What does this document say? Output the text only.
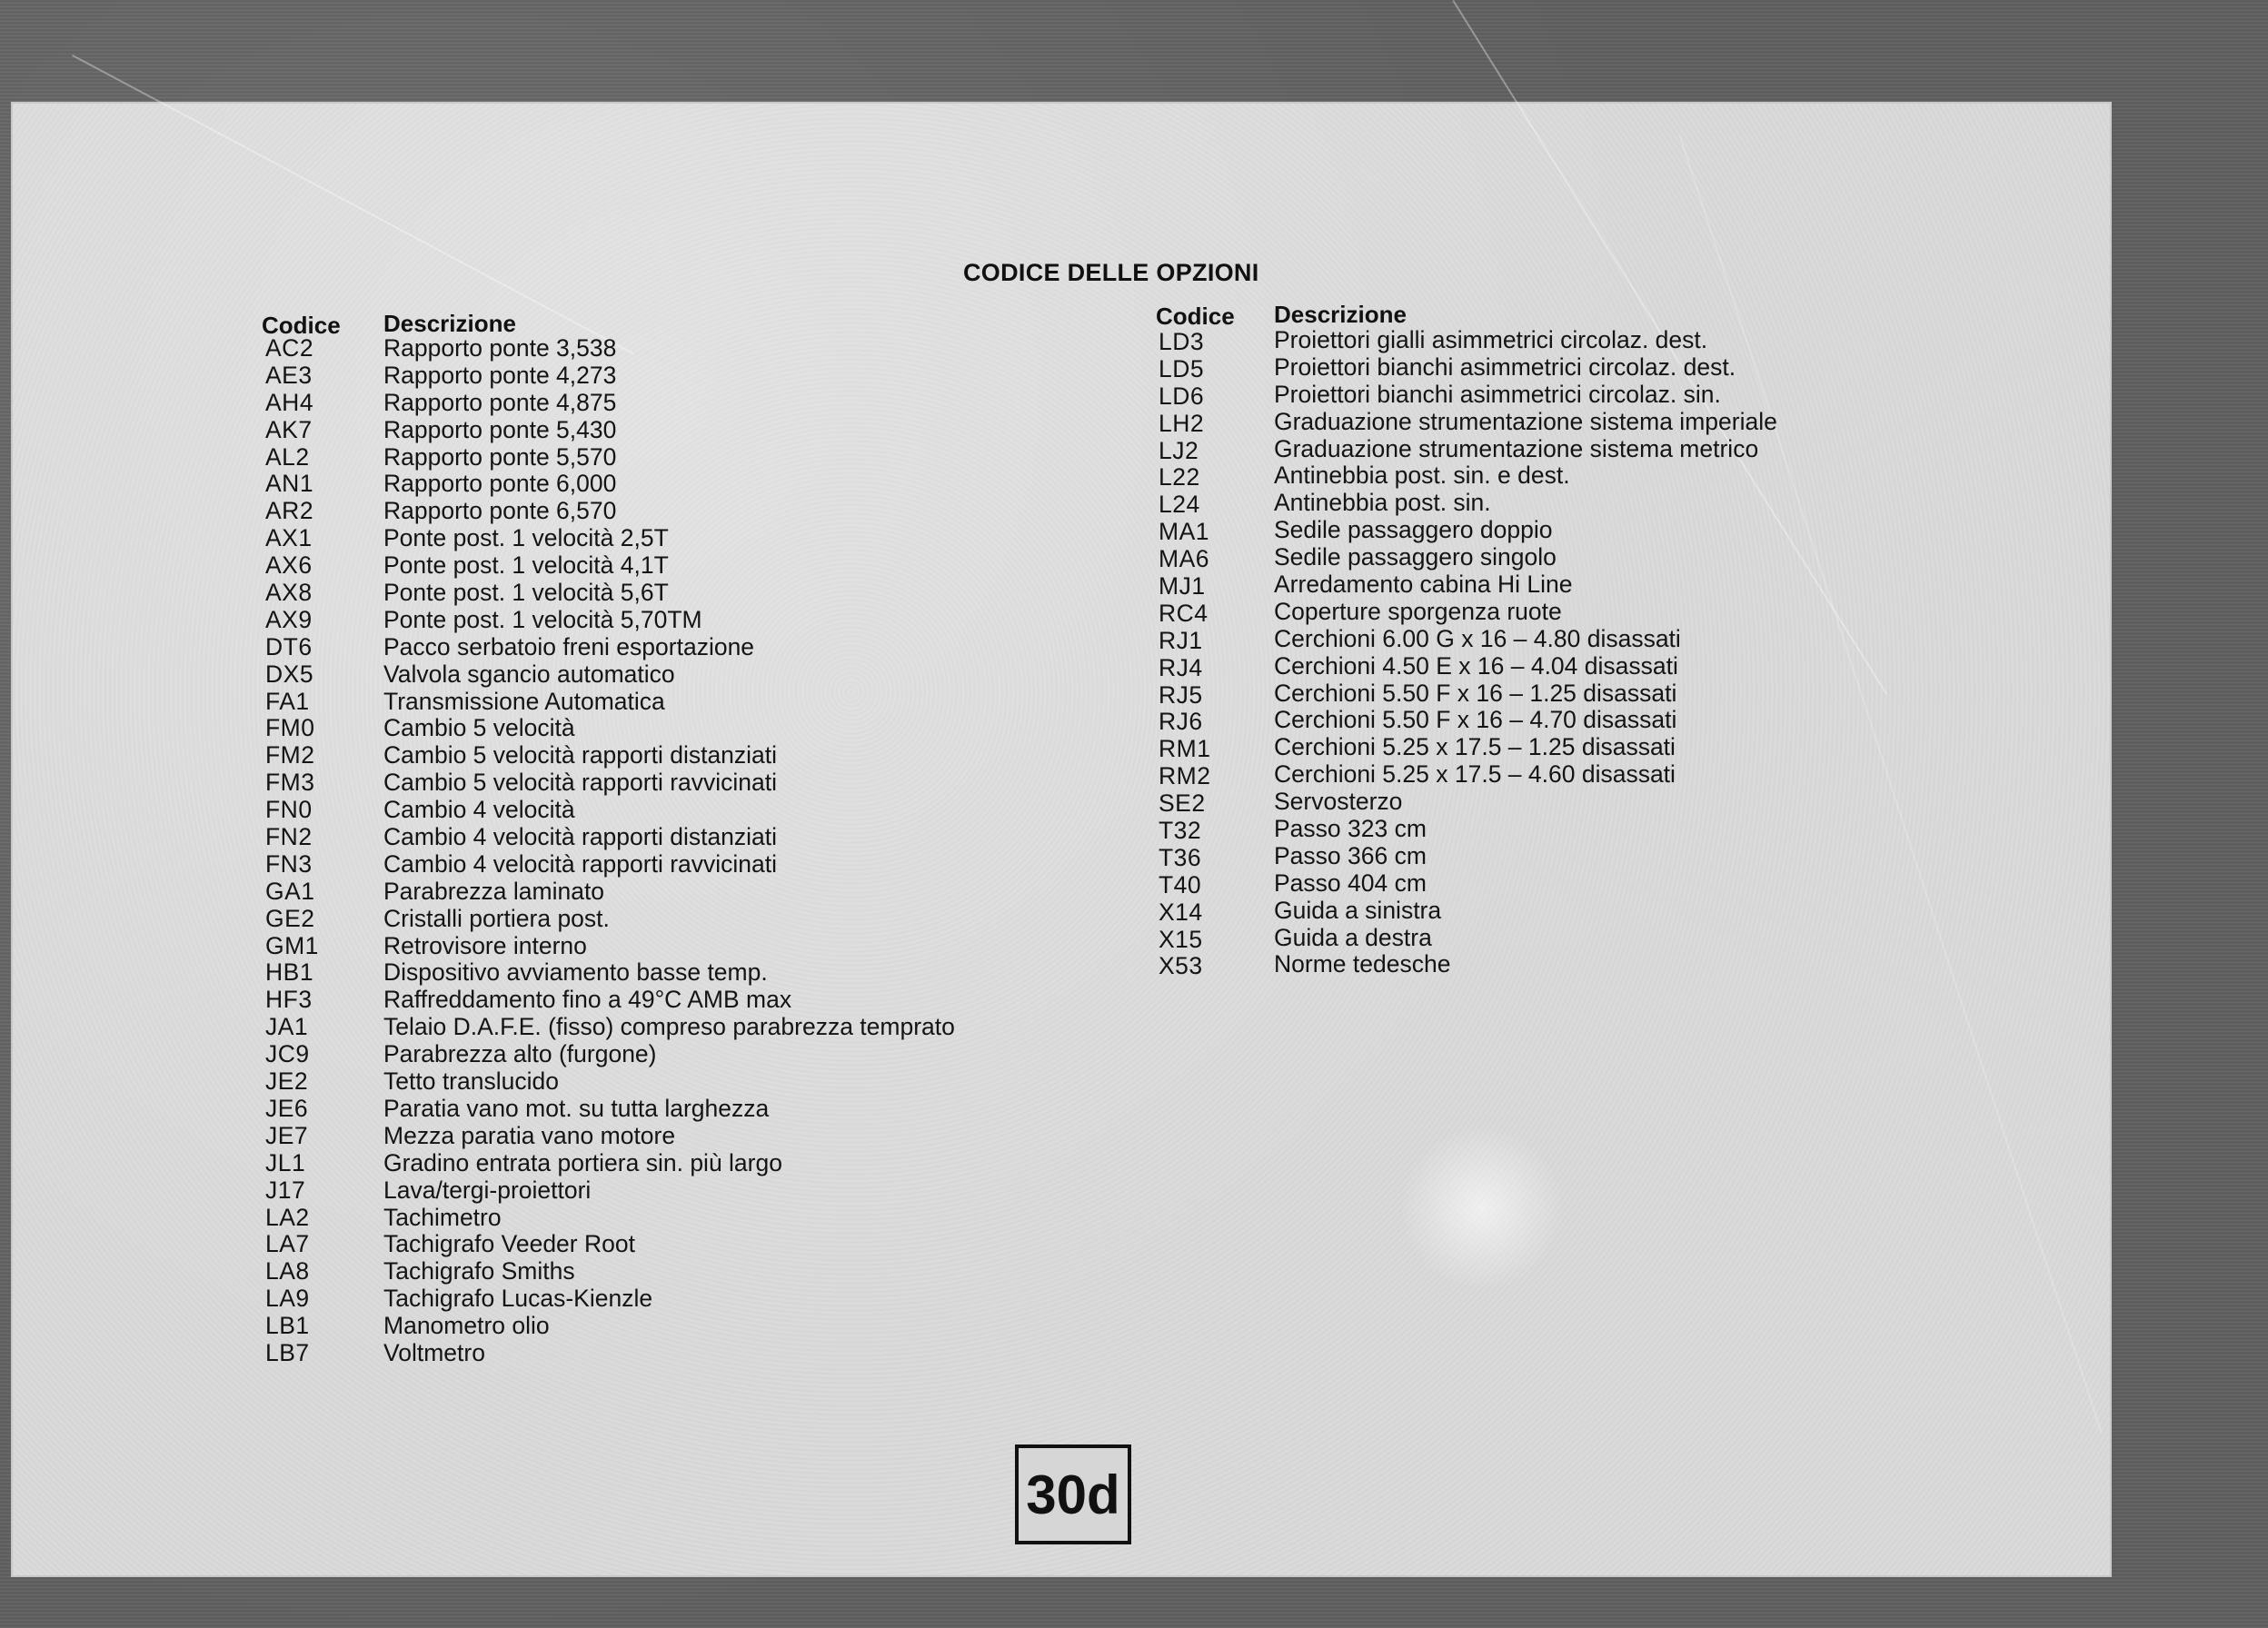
CODICE DELLE OPZIONI
Codice Descrizione
AC2
AE3
AH4
AK7
AL2
AN1
AR2
AX1
AX6
AX8
AX9
DT6
DX5
FA1
FM0
FM2
FM3
FN0
FN2
FN3
GA1
GE2
GM1
HB1
HF3
JA1
JC9
JE2
JE6
JE7
JL1
J17
LA2
LA7
LA8
LA9
LB1
LB7
Rapporto ponte 3,538
Rapporto ponte 4,273
Rapporto ponte 4,875
Rapporto ponte 5,430
Rapporto ponte 5,570
Rapporto ponte 6,000
Rapporto ponte 6,570
Ponte post. 1 velocità 2,5T
Ponte post. 1 velocità 4,1T
Ponte post. 1 velocità 5,6T
Ponte post. 1 velocità 5,70TM
Pacco serbatoio freni esportazione
Valvola sgancio automatico
Transmissione Automatica
Cambio 5 velocità
Cambio 5 velocità rapporti distanziati
Cambio 5 velocità rapporti ravvicinati
Cambio 4 velocità
Cambio 4 velocità rapporti distanziati
Cambio 4 velocità rapporti ravvicinati
Parabrezza laminato
Cristalli portiera post.
Retrovisore interno
Dispositivo avviamento basse temp.
Raffreddamento fino a 49°C AMB max
Telaio D.A.F.E. (fisso) compreso parabrezza temprato
Parabrezza alto (furgone)
Tetto translucido
Paratia vano mot. su tutta larghezza
Mezza paratia vano motore
Gradino entrata portiera sin. più largo
Lava/tergi-proiettori
Tachimetro
Tachigrafo Veeder Root
Tachigrafo Smiths
Tachigrafo Lucas-Kienzle
Manometro olio
Voltmetro
Codice Descrizione
LD3
LD5
LD6
LH2
LJ2
L22
L24
MA1
MA6
MJ1
RC4
RJ1
RJ4
RJ5
RJ6
RM1
RM2
SE2
T32
T36
T40
X14
X15
X53
Proiettori gialli asimmetrici circolaz. dest.
Proiettori bianchi asimmetrici circolaz. dest.
Proiettori bianchi asimmetrici circolaz. sin.
Graduazione strumentazione sistema imperiale
Graduazione strumentazione sistema metrico
Antinebbia post. sin. e dest.
Antinebbia post. sin.
Sedile passaggero doppio
Sedile passaggero singolo
Arredamento cabina Hi Line
Coperture sporgenza ruote
Cerchioni 6.00 G x 16 – 4.80 disassati
Cerchioni 4.50 E x 16 – 4.04 disassati
Cerchioni 5.50 F x 16 – 1.25 disassati
Cerchioni 5.50 F x 16 – 4.70 disassati
Cerchioni 5.25 x 17.5 – 1.25 disassati
Cerchioni 5.25 x 17.5 – 4.60 disassati
Servosterzo
Passo 323 cm
Passo 366 cm
Passo 404 cm
Guida a sinistra
Guida a destra
Norme tedesche
30d
